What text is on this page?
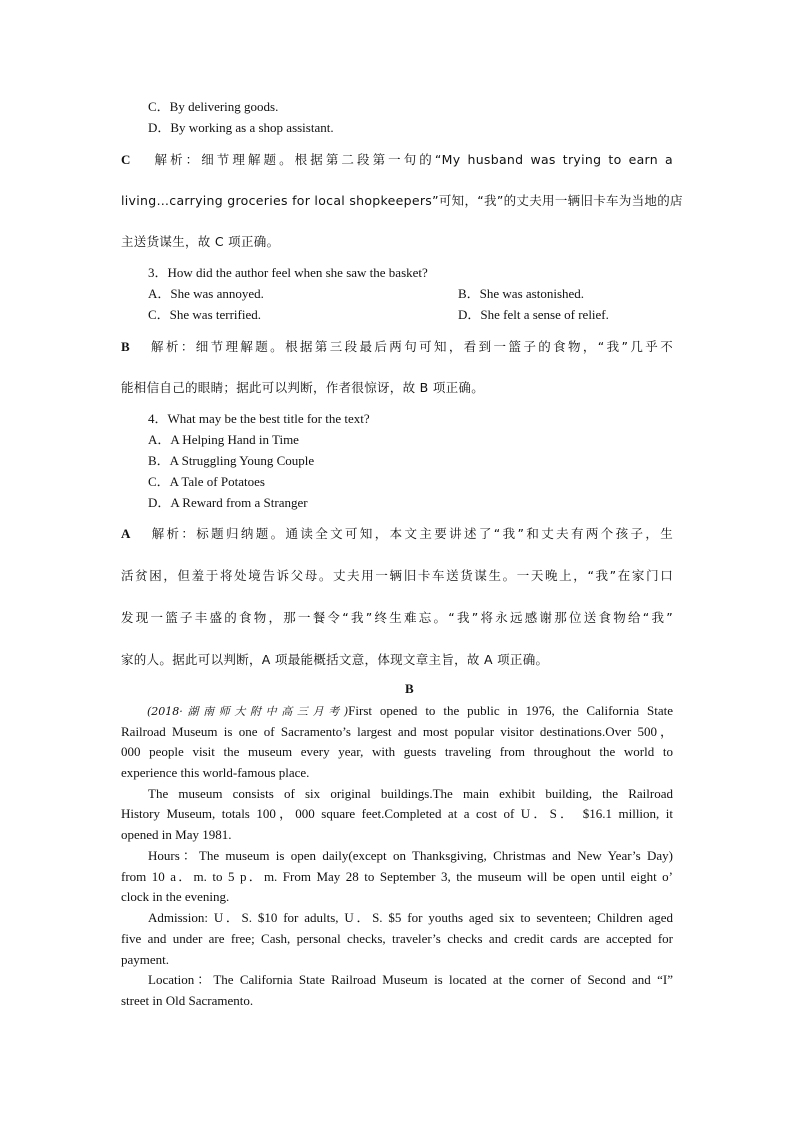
C．By delivering goods.
D．By working as a shop assistant.
C 解析：细节理解题。根据第二段第一句的“My husband was trying to earn a
living…carrying groceries for local shopkeepers”可知，“我”的丈夫用一辆旧卡车为当地的店
主送货谋生，故 C 项正确。
3．How did the author feel when she saw the basket?
A．She was annoyed.	B．She was astonished.
C．She was terrified.	D．She felt a sense of relief.
B 解析：细节理解题。根据第三段最后两句可知，看到一篮子的食物，“我”几乎不
能相信自己的眼睛；据此可以判断，作者很惊讶，故 B 项正确。
4．What may be the best title for the text?
A．A Helping Hand in Time
B．A Struggling Young Couple
C．A Tale of Potatoes
D．A Reward from a Stranger
A 解析：标题归纳题。通读全文可知，本文主要讲述了“我”和丈夫有两个孩子，生
活贫困，但羞于将处境告诉父母。丈夫用一辆旧卡车送货谋生。一天晚上，“我”在家门口
发现一篮子丰盛的食物，那一餐令“我”终生难忘。“我”将永远感谢那位送食物给“我”
家的人。据此可以判断，A 项最能概括文意，体现文章主旨，故 A 项正确。
B
(2018·湖南师大附中高三月考)First opened to the public in 1976, the California State
Railroad Museum is one of Sacramento’s largest and most popular visitor destinations.Over 500，
000 people visit the museum every year, with guests traveling from throughout the world to
experience this world-famous place.
The museum consists of six original buildings.The main exhibit building, the Railroad
History Museum, totals 100，000 square feet.Completed at a cost of U．S． $16.1 million, it
opened in May 1981.
Hours：The museum is open daily(except on Thanksgiving, Christmas and New Year’s Day)
from 10 a．m. to 5 p．m. From May 28 to September 3, the museum will be open until eight o’
clock in the evening.
Admission: U．S. $10 for adults, U．S. $5 for youths aged six to seventeen; Children aged
five and under are free; Cash, personal checks, traveler’s checks and credit cards are accepted for
payment.
Location：The California State Railroad Museum is located at the corner of Second and “I”
street in Old Sacramento.
